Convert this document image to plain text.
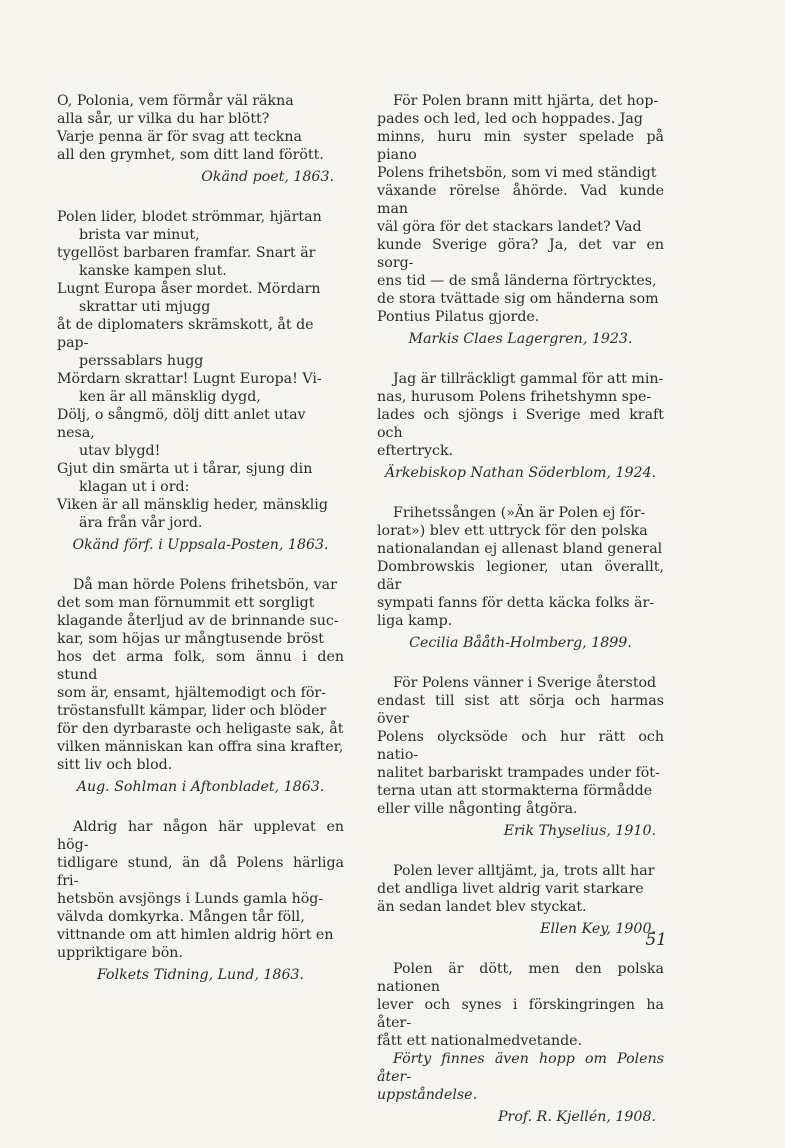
O, Polonia, vem förmår väl räkna
alla sår, ur vilka du har blött?
Varje penna är för svag att teckna
all den grymhet, som ditt land förött.

Okänd poet, 1863.

Polen lider, blodet strömmar, hjärtan
brista var minut,
tygellöst barbaren framfar. Snart är
kanske kampen slut.
Lugnt Europa åser mordet. Mördarn
skrattar uti mjugg
åt de diplomaters skrämskott, åt de pap-
perssablars hugg
Mördarn skrattar! Lugnt Europa! Vi-
ken är all mänsklig dygd,
Dölj, o sångmö, dölj ditt anlet utav nesa,
utav blygd!
Gjut din smärta ut i tårar, sjung din
klagan ut i ord:
Viken är all mänsklig heder, mänsklig
ära från vår jord.

Okänd förf. i Uppsala-Posten, 1863.

Då man hörde Polens frihetsbön, var
det som man förnummit ett sorgligt
klagande återljud av de brinnande suc-
kar, som höjas ur mångtusende bröst
hos det arma folk, som ännu i den stund
som är, ensamt, hjältemodigt och för-
tröstansfullt kämpar, lider och blöder
för den dyrbaraste och heligaste sak, åt
vilken människan kan offra sina krafter,
sitt liv och blod.

Aug. Sohlman i Aftonbladet, 1863.

Aldrig har någon här upplevat en hög-
tidligare stund, än då Polens härliga fri-
hetsbön avsjöngs i Lunds gamla hög-
välvda domkyrka. Mången tår föll,
vittnande om att himlen aldrig hört en
uppriktigare bön.

Folkets Tidning, Lund, 1863.

För Polen brann mitt hjärta, det hop-
pades och led, led och hoppades. Jag
minns, huru min syster spelade på piano
Polens frihetsbön, som vi med ständigt
växande rörelse åhörde. Vad kunde man
väl göra för det stackars landet? Vad
kunde Sverige göra? Ja, det var en sorg-
ens tid — de små länderna förtrycktes,
de stora tvättade sig om händerna som
Pontius Pilatus gjorde.

Markis Claes Lagergren, 1923.

Jag är tillräckligt gammal för att min-
nas, hurusom Polens frihetshymn spe-
lades och sjöngs i Sverige med kraft och
eftertryck.

Ärkebiskop Nathan Söderblom, 1924.

Frihetssången (»Än är Polen ej för-
lorat») blev ett uttryck för den polska
nationalandan ej allenast bland general
Dombrowskis legioner, utan överallt, där
sympati fanns för detta käcka folks är-
liga kamp.

Cecilia Bååth-Holmberg, 1899.

För Polens vänner i Sverige återstod
endast till sist att sörja och harmas över
Polens olycksöde och hur rätt och natio-
nalitet barbariskt trampades under föt-
terna utan att stormakterna förmådde
eller ville någonting åtgöra.

Erik Thyselius, 1910.

Polen lever alltjämt, ja, trots allt har
det andliga livet aldrig varit starkare
än sedan landet blev styckat.

Ellen Key, 1900.

Polen är dött, men den polska nationen
lever och synes i förskingringen ha åter-
fått ett nationalmedvetande.
Förty finnes även hopp om Polens åter-
uppståndelse.

Prof. R. Kjellén, 1908.

51
